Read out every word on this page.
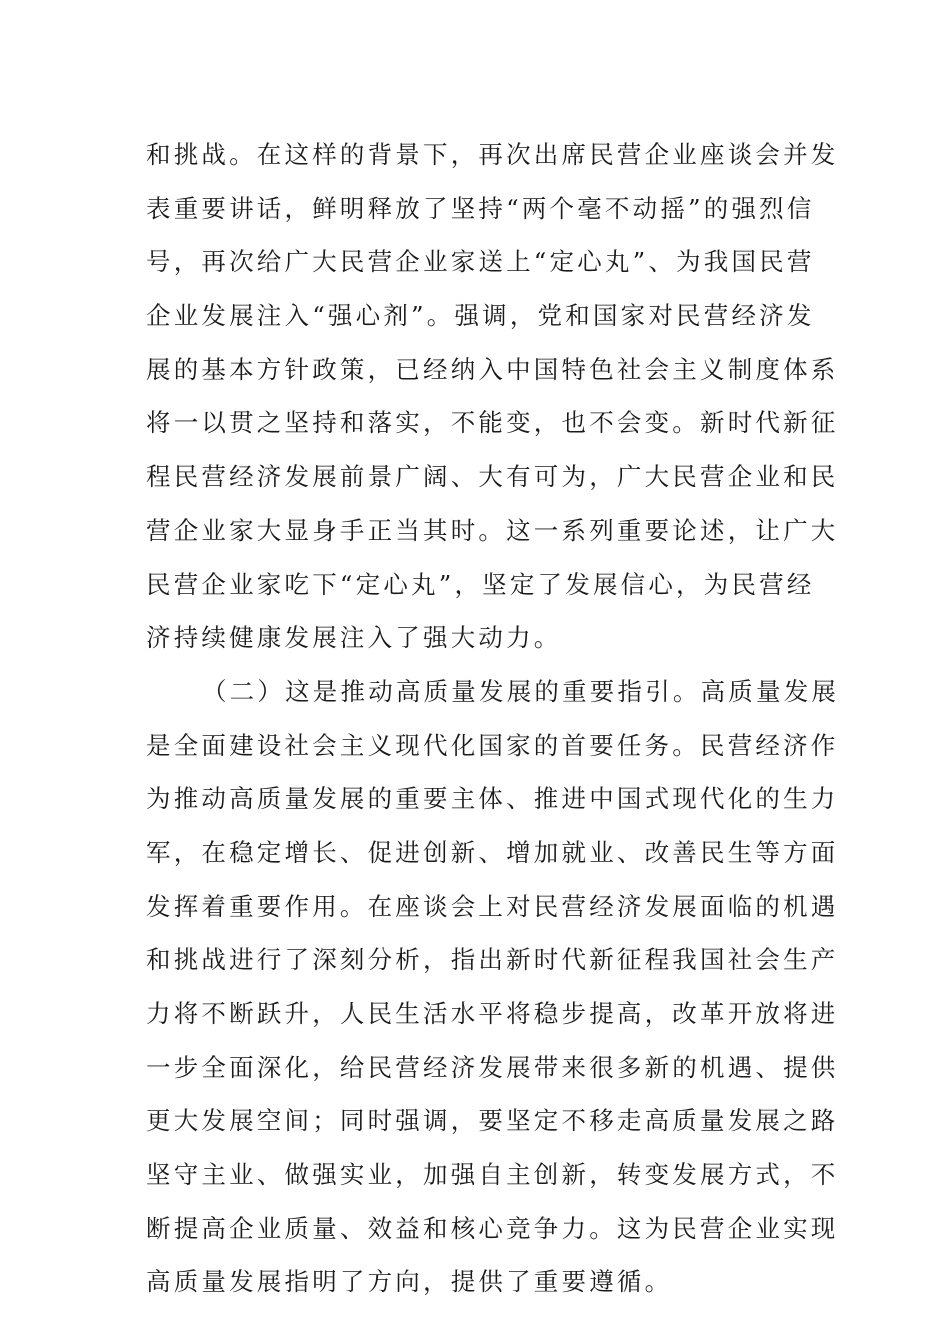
和挑战。在这样的背景下，再次出席民营企业座谈会并发
表重要讲话，鲜明释放了坚持“两个毫不动摇”的强烈信
号，再次给广大民营企业家送上“定心丸”、为我国民营
企业发展注入“强心剂”。强调，党和国家对民营经济发
展的基本方针政策，已经纳入中国特色社会主义制度体系
将一以贯之坚持和落实，不能变，也不会变。新时代新征
程民营经济发展前景广阔、大有可为，广大民营企业和民
营企业家大显身手正当其时。这一系列重要论述，让广大
民营企业家吃下“定心丸”，坚定了发展信心，为民营经
济持续健康发展注入了强大动力。
（二）这是推动高质量发展的重要指引。高质量发展
是全面建设社会主义现代化国家的首要任务。民营经济作
为推动高质量发展的重要主体、推进中国式现代化的生力
军，在稳定增长、促进创新、增加就业、改善民生等方面
发挥着重要作用。在座谈会上对民营经济发展面临的机遇
和挑战进行了深刻分析，指出新时代新征程我国社会生产
力将不断跃升，人民生活水平将稳步提高，改革开放将进
一步全面深化，给民营经济发展带来很多新的机遇、提供
更大发展空间；同时强调，要坚定不移走高质量发展之路
坚守主业、做强实业，加强自主创新，转变发展方式，不
断提高企业质量、效益和核心竞争力。这为民营企业实现
高质量发展指明了方向，提供了重要遵循。
